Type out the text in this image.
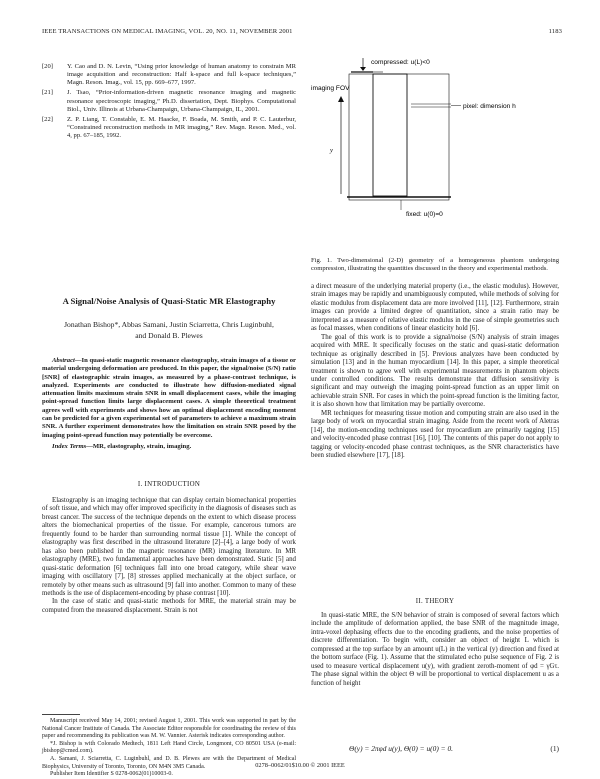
IEEE TRANSACTIONS ON MEDICAL IMAGING, VOL. 20, NO. 11, NOVEMBER 2001	1183
[20]	Y. Cao and D. N. Levin, “Using prior knowledge of human anatomy to constrain MR image acquisition and reconstruction: Half k-space and full k-space techniques,” Magn. Reson. Imag., vol. 15, pp. 669–677, 1997.
[21]	J. Tsao, “Prior-information-driven magnetic resonance imaging and magnetic resonance spectroscopic imaging,” Ph.D. dissertation, Dept. Biophys. Computational Biol., Univ. Illinois at Urbana-Champaign, Urbana-Champaign, IL, 2001.
[22]	Z. P. Liang, T. Constable, E. M. Haacke, F. Boada, M. Smith, and P. C. Lauterbur, “Constrained reconstruction methods in MR imaging,” Rev. Magn. Reson. Med., vol. 4, pp. 67–185, 1992.
A Signal/Noise Analysis of Quasi-Static MR Elastography
Jonathan Bishop*, Abbas Samani, Justin Sciarretta, Chris Luginbuhl,
and Donald B. Plewes

Abstract—In quasi-static magnetic resonance elastography, strain images of a tissue or material undergoing deformation are produced. In this paper, the signal/noise (S/N) ratio [SNR] of elastographic strain images, as measured by a phase-contrast technique, is analyzed. Experiments are conducted to illustrate how diffusion-mediated signal attenuation limits maximum strain SNR in small displacement cases, while the imaging point-spread function limits large displacement cases. A simple theoretical treatment agrees well with experiments and shows how an optimal displacement encoding moment can be predicted for a given experimental set of parameters to achieve a maximum strain SNR. A further experiment demonstrates how the limitation on strain SNR posed by the imaging point-spread function may potentially be overcome.

Index Terms—MR, elastography, strain, imaging.

I. INTRODUCTION

Elastography is an imaging technique that can display certain biomechanical properties of soft tissue, and which may offer improved specificity in the diagnosis of diseases such as breast cancer. The success of the technique depends on the extent to which disease process alters the biomechanical properties of the tissue. For example, cancerous tumors are frequently found to be harder than surrounding normal tissue [1]. While the concept of elastography was first described in the ultrasound literature [2]–[4], a large body of work has also been published in the magnetic resonance (MR) imaging literature. In MR elastography (MRE), two fundamental approaches have been demonstrated. Static [5] and quasi-static deformation [6] techniques fall into one broad category, while shear wave imaging with oscillatory [7], [8] stresses applied mechanically at the object surface, or remotely by other means such as ultrasound [9] fall into another. Common to many of these methods is the use of displacement-encoding by phase contrast [10].

In the case of static and quasi-static methods for MRE, the material strain may be computed from the measured displacement. Strain is not

Manuscript received May 14, 2001; revised August 1, 2001. This work was supported in part by the National Cancer Institute of Canada. The Associate Editor responsible for coordinating the review of this paper and recommending its publication was M. W. Vannier. Asterisk indicates corresponding author.

*J. Bishop is with Colorado Medtech, 1811 Left Hand Circle, Longmont, CO 80501 USA (e-mail: jbishop@cmed.com).

A. Samani, J. Sciarretta, C. Luginbuhl, and D. B. Plewes are with the Department of Medical Biophysics, University of Toronto, Toronto, ON M4N 3M5 Canada.

Publisher Item Identifier S 0278-0062(01)10003-0.

compressed: u(L)<0
imaging FOV
y
pixel: dimension h
fixed: u(0)=0
Fig. 1. Two-dimensional (2-D) geometry of a homogeneous phantom undergoing compression, illustrating the quantities discussed in the theory and experimental methods.

a direct measure of the underlying material property (i.e., the elastic modulus). However, strain images may be rapidly and unambiguously computed, while methods of solving for elastic modulus from displacement data are more involved [11], [12]. Furthermore, strain images can provide a limited degree of quantitation, since a strain ratio may be interpreted as a measure of relative elastic modulus in the case of simple geometries such as focal masses, when conditions of linear elasticity hold [6].

The goal of this work is to provide a signal/noise (S/N) analysis of strain images acquired with MRE. It specifically focuses on the static and quasi-static deformation technique as originally described in [5]. Previous analyzes have been conducted by simulation [13] and in the human myocardium [14]. In this paper, a simple theoretical treatment is shown to agree well with experimental measurements in phantom objects under controlled conditions. The results demonstrate that diffusion sensitivity is significant and may outweigh the imaging point-spread function as an upper limit on achievable strain SNR. For cases in which the point-spread function is the limiting factor, it is also shown how that limitation may be partially overcome.

MR techniques for measuring tissue motion and computing strain are also used in the large body of work on myocardial strain imaging. Aside from the recent work of Aletras [14], the motion-encoding techniques used for myocardium are primarily tagging [15] and velocity-encoded phase contrast [16], [10]. The contents of this paper do not apply to tagging or velocity-encoded phase contrast techniques, as the SNR characteristics have been studied elsewhere [17], [18].

II. THEORY

In quasi-static MRE, the S/N behavior of strain is composed of several factors which include the amplitude of deformation applied, the base SNR of the magnitude image, intra-voxel dephasing effects due to the encoding gradients, and the noise properties of discrete differentiation. To begin with, consider an object of height L which is compressed at the top surface by an amount u(L) in the vertical (y) direction and fixed at the bottom surface (Fig. 1). Assume that the stimulated echo pulse sequence of Fig. 2 is used to measure vertical displacement u(y), with gradient zeroth-moment of φd = γGτ. The phase signal within the object Θ will be proportional to vertical displacement u as a function of height

Θ(y) = 2πφd u(y), Θ(0) = u(0) = 0.	(1)
0278–0062/01$10.00 © 2001 IEEE
